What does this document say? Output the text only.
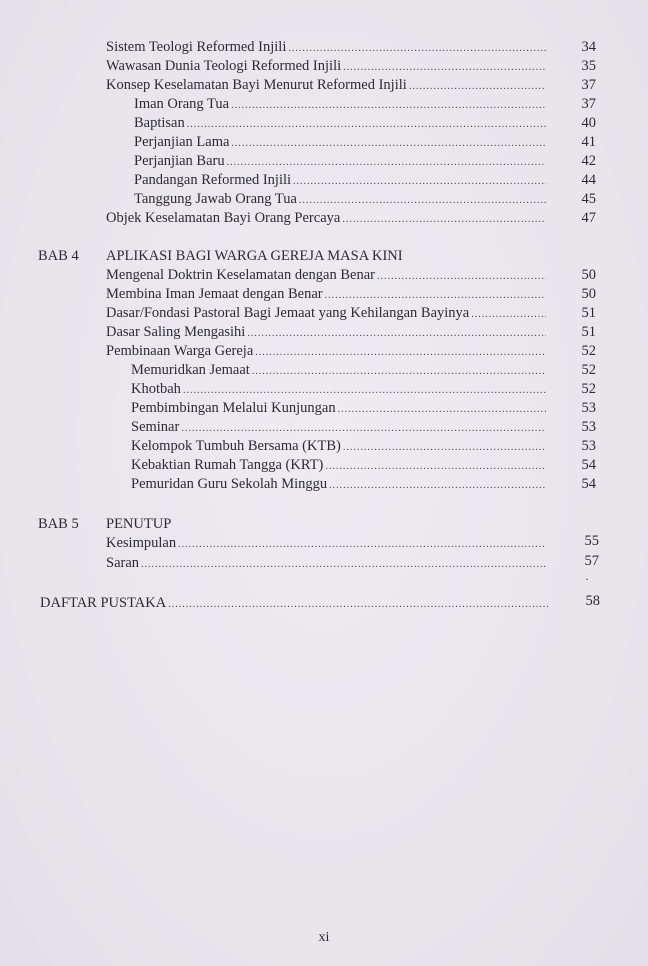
Sistem Teologi Reformed Injili .....	34
Wawasan Dunia Teologi Reformed Injili .....	35
Konsep Keselamatan Bayi Menurut Reformed Injili .....	37
Iman Orang Tua .....	37
Baptisan .....	40
Perjanjian Lama .....	41
Perjanjian Baru .....	42
Pandangan Reformed Injili .....	44
Tanggung Jawab Orang Tua .....	45
Objek Keselamatan Bayi Orang Percaya .....	47
BAB 4 APLIKASI BAGI WARGA GEREJA MASA KINI
Mengenal Doktrin Keselamatan dengan Benar .....	50
Membina Iman Jemaat dengan Benar .....	50
Dasar/Fondasi Pastoral Bagi Jemaat yang Kehilangan Bayinya .....	51
Dasar Saling Mengasihi .....	51
Pembinaan Warga Gereja .....	52
Memuridkan Jemaat .....	52
Khotbah .....	52
Pembimbingan Melalui Kunjungan .....	53
Seminar .....	53
Kelompok Tumbuh Bersama (KTB) .....	53
Kebaktian Rumah Tangga (KRT) .....	54
Pemuridan Guru Sekolah Minggu .....	54
BAB 5 PENUTUP
Kesimpulan .....	55
Saran .....	57
·
DAFTAR PUSTAKA .....	58
xi
